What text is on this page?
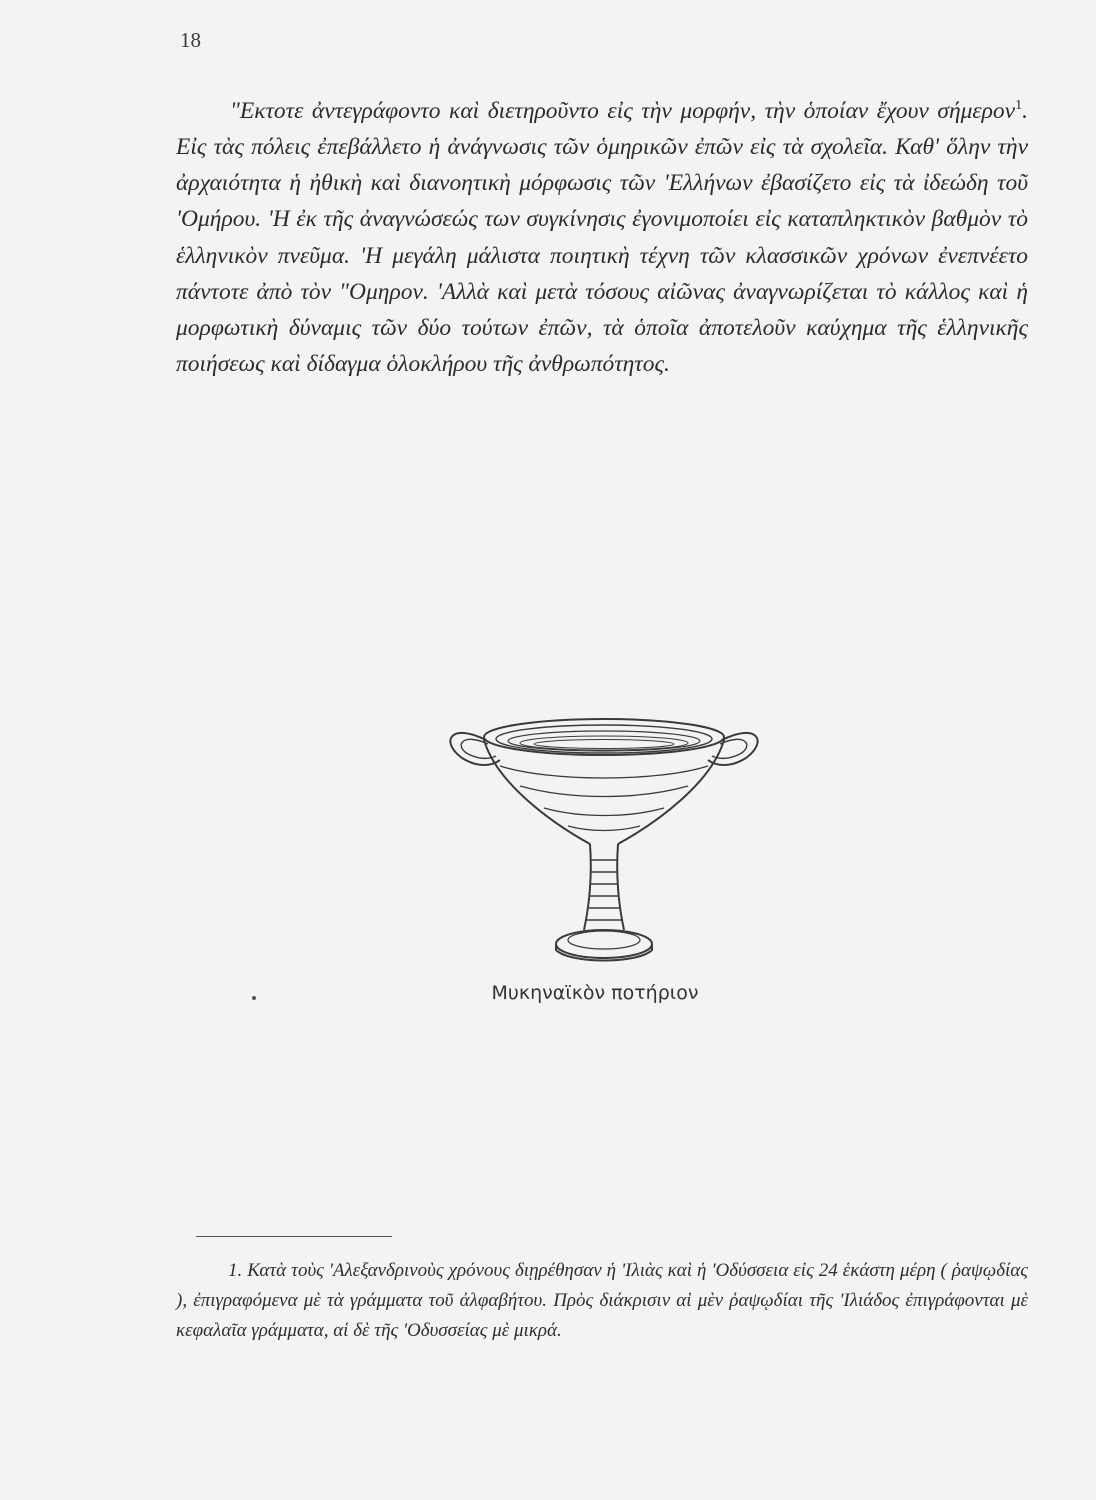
18

"Εκτοτε ἀντεγράφοντο καὶ διετηροῦντο εἰς τὴν μορφήν, τὴν ὁποίαν ἔχουν σήμερον$^1$. Εἰς τὰς πόλεις ἐπεβάλλετο ἡ ἀνάγνωσις τῶν ὁμηρικῶν ἐπῶν εἰς τὰ σχολεῖα. Καθ' ὅλην τὴν ἀρχαιότητα ἡ ἠθικὴ καὶ διανοητικὴ μόρφωσις τῶν 'Ελλήνων ἐβασίζετο εἰς τὰ ἰδεώδη τοῦ 'Ομήρου. 'Η ἐκ τῆς ἀναγνώσεώς των συγκίνησις ἐγονιμοποίει εἰς καταπληκτικὸν βαθμὸν τὸ ἑλληνικὸν πνεῦμα. 'Η μεγάλη μάλιστα ποιητικὴ τέχνη τῶν κλασσικῶν χρόνων ἐνεπνέετο πάντοτε ἀπὸ τὸν "Ομηρον. 'Αλλὰ καὶ μετὰ τόσους αἰῶνας ἀναγνωρίζεται τὸ κάλλος καὶ ἡ μορφωτικὴ δύναμις τῶν δύο τούτων ἐπῶν, τὰ ὁποῖα ἀποτελοῦν καύχημα τῆς ἑλληνικῆς ποιήσεως καὶ δίδαγμα ὁλοκλήρου τῆς ἀνθρωπότητος.

Μυκηναϊκὸν ποτήριον

1. Κατὰ τοὺς 'Αλεξανδρινοὺς χρόνους διῃρέθησαν ἡ 'Ιλιὰς καὶ ἡ 'Οδύσσεια εἰς 24 ἑκάστη μέρη ( ῥαψῳδίας ), ἐπιγραφόμενα μὲ τὰ γράμματα τοῦ ἀλφαβήτου. Πρὸς διάκρισιν αἱ μὲν ῥαψῳδίαι τῆς 'Ιλιάδος ἐπιγράφονται μὲ κεφαλαῖα γράμματα, αἱ δὲ τῆς 'Οδυσσείας μὲ μικρά.
